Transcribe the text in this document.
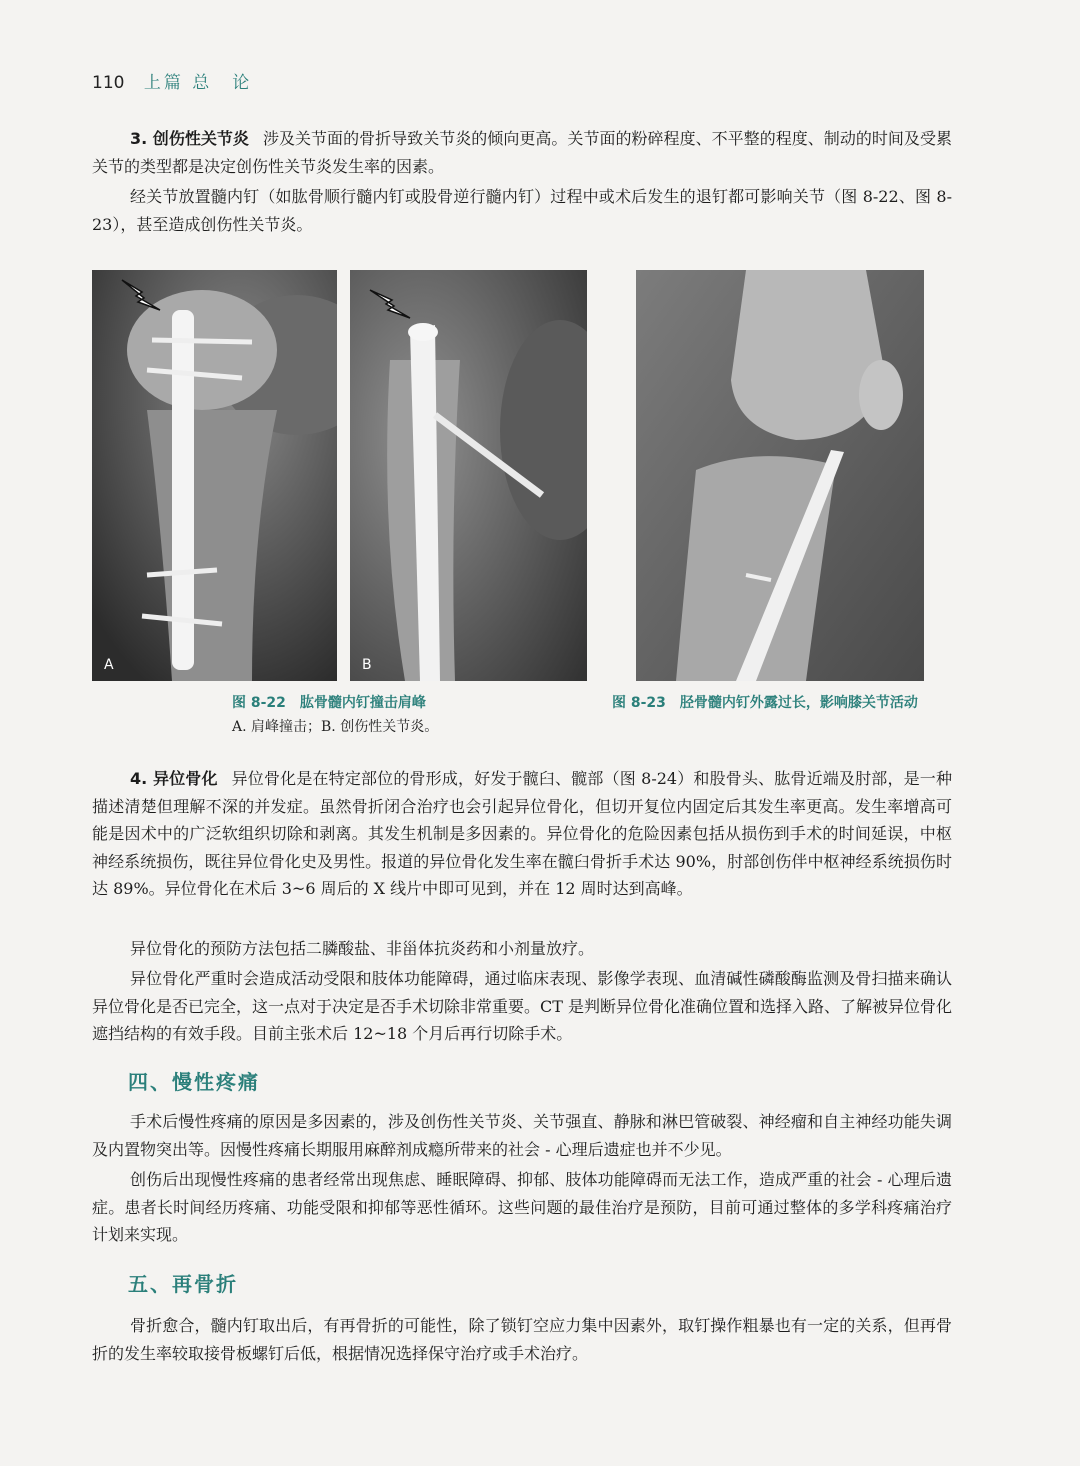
110 上篇 总　论

3. 创伤性关节炎 涉及关节面的骨折导致关节炎的倾向更高。关节面的粉碎程度、不平整的程度、制动的时间及受累关节的类型都是决定创伤性关节炎发生率的因素。

经关节放置髓内钉（如肱骨顺行髓内钉或股骨逆行髓内钉）过程中或术后发生的退钉都可影响关节（图 8-22、图 8-23），甚至造成创伤性关节炎。

A	B
图 8-22 肱骨髓内钉撞击肩峰
A. 肩峰撞击；B. 创伤性关节炎。
图 8-23 胫骨髓内钉外露过长，影响膝关节活动

4. 异位骨化 异位骨化是在特定部位的骨形成，好发于髋臼、髋部（图 8-24）和股骨头、肱骨近端及肘部，是一种描述清楚但理解不深的并发症。虽然骨折闭合治疗也会引起异位骨化，但切开复位内固定后其发生率更高。发生率增高可能是因术中的广泛软组织切除和剥离。其发生机制是多因素的。异位骨化的危险因素包括从损伤到手术的时间延误，中枢神经系统损伤，既往异位骨化史及男性。报道的异位骨化发生率在髋臼骨折手术达 90%，肘部创伤伴中枢神经系统损伤时达 89%。异位骨化在术后 3~6 周后的 X 线片中即可见到，并在 12 周时达到高峰。

异位骨化的预防方法包括二膦酸盐、非甾体抗炎药和小剂量放疗。

异位骨化严重时会造成活动受限和肢体功能障碍，通过临床表现、影像学表现、血清碱性磷酸酶监测及骨扫描来确认异位骨化是否已完全，这一点对于决定是否手术切除非常重要。CT 是判断异位骨化准确位置和选择入路、了解被异位骨化遮挡结构的有效手段。目前主张术后 12~18 个月后再行切除手术。

四、慢性疼痛

手术后慢性疼痛的原因是多因素的，涉及创伤性关节炎、关节强直、静脉和淋巴管破裂、神经瘤和自主神经功能失调及内置物突出等。因慢性疼痛长期服用麻醉剂成瘾所带来的社会 - 心理后遗症也并不少见。

创伤后出现慢性疼痛的患者经常出现焦虑、睡眠障碍、抑郁、肢体功能障碍而无法工作，造成严重的社会 - 心理后遗症。患者长时间经历疼痛、功能受限和抑郁等恶性循环。这些问题的最佳治疗是预防，目前可通过整体的多学科疼痛治疗计划来实现。

五、再骨折

骨折愈合，髓内钉取出后，有再骨折的可能性，除了锁钉空应力集中因素外，取钉操作粗暴也有一定的关系，但再骨折的发生率较取接骨板螺钉后低，根据情况选择保守治疗或手术治疗。
